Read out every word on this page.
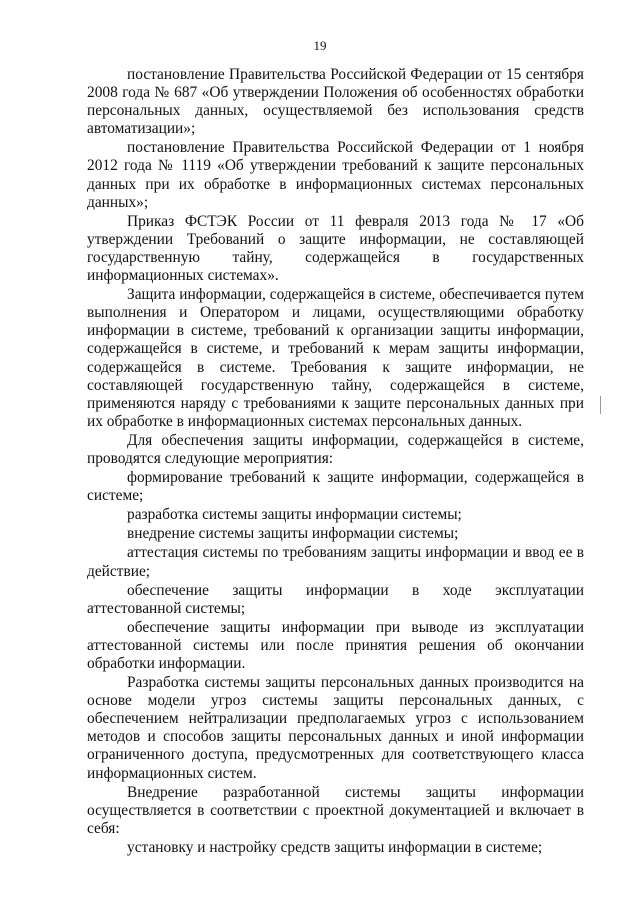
19

постановление Правительства Российской Федерации от 15 сентября 2008 года № 687 «Об утверждении Положения об особенностях обработки персональных данных, осуществляемой без использования средств автоматизации»;

постановление Правительства Российской Федерации от 1 ноября 2012 года № 1119 «Об утверждении требований к защите персональных данных при их обработке в информационных системах персональных данных»;

Приказ ФСТЭК России от 11 февраля 2013 года № 17 «Об утверждении Требований о защите информации, не составляющей государственную тайну, содержащейся в государственных информационных системах».

Защита информации, содержащейся в системе, обеспечивается путем выполнения и Оператором и лицами, осуществляющими обработку информации в системе, требований к организации защиты информации, содержащейся в системе, и требований к мерам защиты информации, содержащейся в системе. Требования к защите информации, не составляющей государственную тайну, содержащейся в системе, применяются наряду с требованиями к защите персональных данных при их обработке в информационных системах персональных данных.

Для обеспечения защиты информации, содержащейся в системе, проводятся следующие мероприятия:

формирование требований к защите информации, содержащейся в системе;

разработка системы защиты информации системы;

внедрение системы защиты информации системы;

аттестация системы по требованиям защиты информации и ввод ее в действие;

обеспечение защиты информации в ходе эксплуатации аттестованной системы;

обеспечение защиты информации при выводе из эксплуатации аттестованной системы или после принятия решения об окончании обработки информации.

Разработка системы защиты персональных данных производится на основе модели угроз системы защиты персональных данных, с обеспечением нейтрализации предполагаемых угроз с использованием методов и способов защиты персональных данных и иной информации ограниченного доступа, предусмотренных для соответствующего класса информационных систем.

Внедрение разработанной системы защиты информации осуществляется в соответствии с проектной документацией и включает в себя:

установку и настройку средств защиты информации в системе;
